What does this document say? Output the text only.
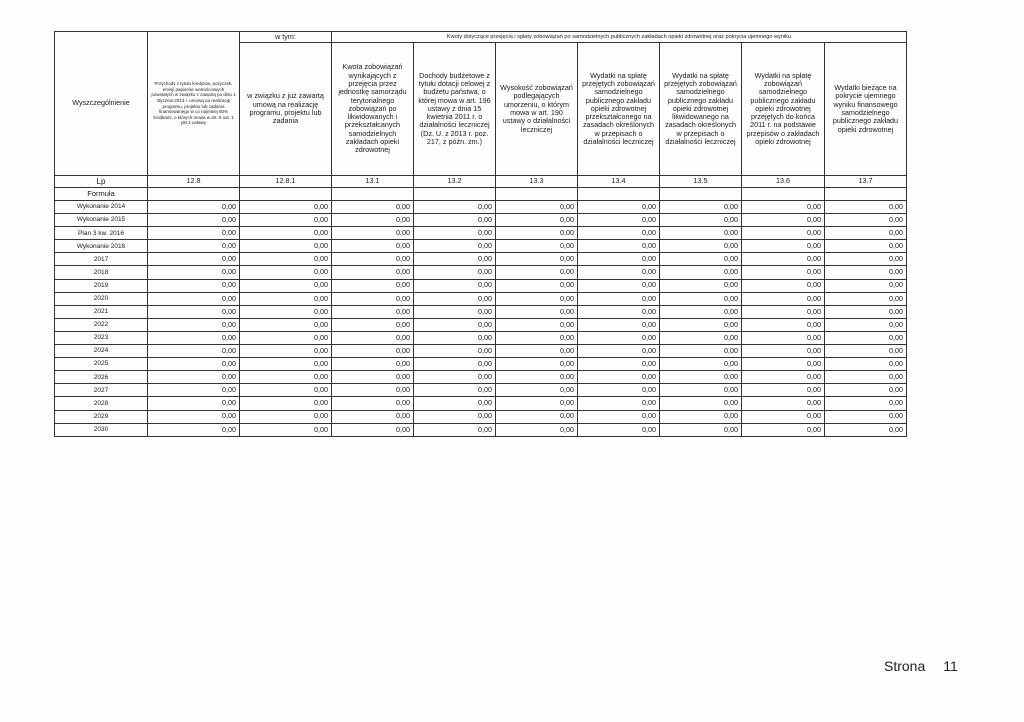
Wyszczególnienie	Przychody z tytułu kredytów, pożyczek, emisji papierów wartościowych powstałych w związku z zawartą po dniu 1 stycznia 2013 r. umową na realizację programu, projektu lub zadania finansowanego w co najmniej 60% środkami, o których mowa w art. 5 ust. 1 pkt 2 ustawy	w tym:	Kwoty dotyczące przejęcia i spłaty zobowiązań po samodzielnych publicznych zakładach opieki zdrowotnej oraz pokrycia ujemnego wyniku						
		w związku z już zawartą umową na realizację programu, projektu lub zadania	Kwota zobowiązań wynikających z przejęcia przez jednostkę samorządu terytorialnego zobowiązań po likwidowanych i przekształcanych samodzielnych zakładach opieki zdrowotnej	Dochody budżetowe z tytułu dotacji celowej z budżetu państwa, o której mowa w art. 196 ustawy z dnia 15 kwietnia 2011 r. o działalności leczniczej (Dz. U. z 2013 r. poz. 217, z późn. zm.)	Wysokość zobowiązań podlegających umorzeniu, o którym mowa w art. 190 ustawy o działalności leczniczej	Wydatki na spłatę przejętych zobowiązań samodzielnego publicznego zakładu opieki zdrowotnej przekształconego na zasadach określonych w przepisach o działalności leczniczej	Wydatki na spłatę przejętych zobowiązań samodzielnego publicznego zakładu opieki zdrowotnej likwidowanego na zasadach określonych w przepisach o działalności leczniczej	Wydatki na spłatę zobowiązań samodzielnego publicznego zakładu opieki zdrowotnej przejętych do końca 2011 r. na podstawie przepisów o zakładach opieki zdrowotnej	Wydatki bieżące na pokrycie ujemnego wyniku finansowego samodzielnego publicznego zakładu opieki zdrowotnej
Lp	12.8	12.8.1	13.1	13.2	13.3	13.4	13.5	13.6	13.7
Formuła									
Wykonanie 2014	0,00	0,00	0,00	0,00	0,00	0,00	0,00	0,00	0,00
Wykonanie 2015	0,00	0,00	0,00	0,00	0,00	0,00	0,00	0,00	0,00
Plan 3 kw. 2016	0,00	0,00	0,00	0,00	0,00	0,00	0,00	0,00	0,00
Wykonanie 2016	0,00	0,00	0,00	0,00	0,00	0,00	0,00	0,00	0,00
2017	0,00	0,00	0,00	0,00	0,00	0,00	0,00	0,00	0,00
2018	0,00	0,00	0,00	0,00	0,00	0,00	0,00	0,00	0,00
2019	0,00	0,00	0,00	0,00	0,00	0,00	0,00	0,00	0,00
2020	0,00	0,00	0,00	0,00	0,00	0,00	0,00	0,00	0,00
2021	0,00	0,00	0,00	0,00	0,00	0,00	0,00	0,00	0,00
2022	0,00	0,00	0,00	0,00	0,00	0,00	0,00	0,00	0,00
2023	0,00	0,00	0,00	0,00	0,00	0,00	0,00	0,00	0,00
2024	0,00	0,00	0,00	0,00	0,00	0,00	0,00	0,00	0,00
2025	0,00	0,00	0,00	0,00	0,00	0,00	0,00	0,00	0,00
2026	0,00	0,00	0,00	0,00	0,00	0,00	0,00	0,00	0,00
2027	0,00	0,00	0,00	0,00	0,00	0,00	0,00	0,00	0,00
2028	0,00	0,00	0,00	0,00	0,00	0,00	0,00	0,00	0,00
2029	0,00	0,00	0,00	0,00	0,00	0,00	0,00	0,00	0,00
2030	0,00	0,00	0,00	0,00	0,00	0,00	0,00	0,00	0,00
Strona 11
